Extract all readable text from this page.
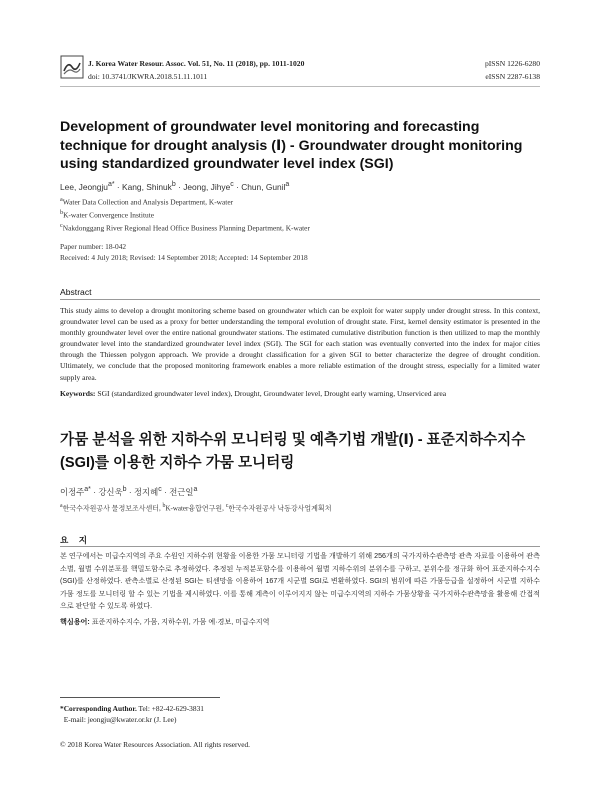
J. Korea Water Resour. Assoc. Vol. 51, No. 11 (2018), pp. 1011-1020
doi: 10.3741/JKWRA.2018.51.11.1011
pISSN 1226-6280
eISSN 2287-6138
Development of groundwater level monitoring and forecasting technique for drought analysis (Ⅰ) - Groundwater drought monitoring using standardized groundwater level index (SGI)
Lee, Jeongju$^{a*}$ · Kang, Shinuk$^b$ · Jeong, Jihye$^c$ · Chun, Gunil$^a$
$^a$Water Data Collection and Analysis Department, K-water
$^b$K-water Convergence Institute
$^c$Nakdonggang River Regional Head Office Business Planning Department, K-water
Paper number: 18-042
Received: 4 July 2018; Revised: 14 September 2018; Accepted: 14 September 2018
Abstract
This study aims to develop a drought monitoring scheme based on groundwater which can be exploit for water supply under drought stress. In this context, groundwater level can be used as a proxy for better understanding the temporal evolution of drought state. First, kernel density estimator is presented in the monthly groundwater level over the entire national groundwater stations. The estimated cumulative distribution function is then utilized to map the monthly groundwater level into the standardized groundwater level index (SGI). The SGI for each station was eventually converted into the index for major cities through the Thiessen polygon approach. We provide a drought classification for a given SGI to better characterize the degree of drought condition. Ultimately, we conclude that the proposed monitoring framework enables a more reliable estimation of the drought stress, especially for a limited water supply area.
Keywords: SGI (standardized groundwater level index), Drought, Groundwater level, Drought early warning, Unserviced area
가뭄 분석을 위한 지하수위 모니터링 및 예측기법 개발(Ⅰ) - 표준지하수지수(SGI)를 이용한 지하수 가뭄 모니터링
이정주$^{a*}$ · 강신욱$^b$ · 정지혜$^c$ · 전근일$^a$
$^a$한국수자원공사 물정보조사센터, $^b$K-water융합연구원, $^c$한국수자원공사 낙동강사업계획처
요 지
본 연구에서는 미급수지역의 주요 수원인 지하수위 현황을 이용한 가뭄 모니터링 기법을 개발하기 위해 256개의 국가지하수관측망 관측 자료를 이용하여 관측소별, 월별 수위분포를 핵밀도함수로 추정하였다. 추정된 누적분포함수를 이용하여 월별 지하수위의 분위수를 구하고, 분위수를 정규화 하여 표준지하수지수(SGI)를 산정하였다. 관측소별로 산정된 SGI는 티센망을 이용하여 167개 시군별 SGI로 변환하였다. SGI의 범위에 따른 가뭄등급을 설정하여 시군별 지하수 가뭄 정도를 모니터링 할 수 있는 기법을 제시하였다. 이를 통해 계측이 이루어지지 않는 미급수지역의 지하수 가뭄상황을 국가지하수관측망을 활용해 간접적으로 판단할 수 있도록 하였다.
핵심용어: 표준지하수지수, 가뭄, 지하수위, 가뭄 예·경보, 미급수지역
*Corresponding Author. Tel: +82-42-629-3831
E-mail: jeongju@kwater.or.kr (J. Lee)
© 2018 Korea Water Resources Association. All rights reserved.
